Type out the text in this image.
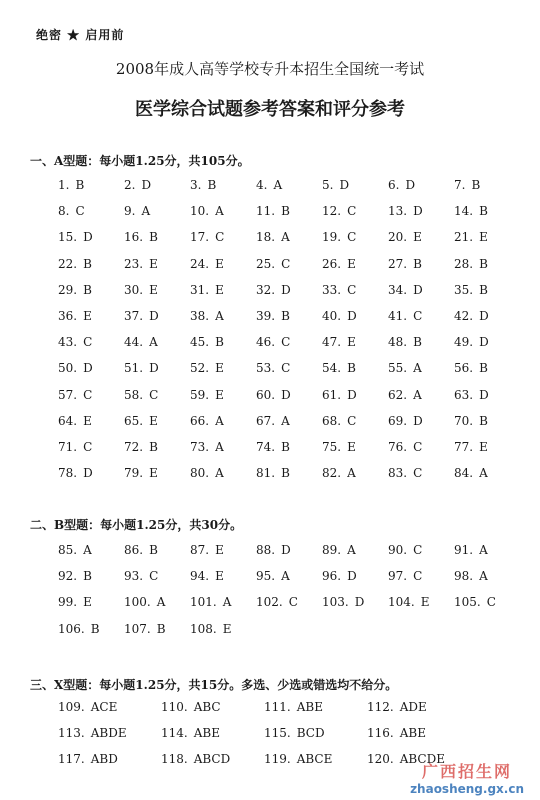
绝密 ★ 启用前
2008年成人高等学校专升本招生全国统一考试
医学综合试题参考答案和评分参考
一、A型题：每小题1.25分，共105分。
1. B	2. D	3. B	4. A	5. D	6. D	7. B
8. C	9. A	10. A	11. B	12. C	13. D	14. B
15. D	16. B	17. C	18. A	19. C	20. E	21. E
22. B	23. E	24. E	25. C	26. E	27. B	28. B
29. B	30. E	31. E	32. D	33. C	34. D	35. B
36. E	37. D	38. A	39. B	40. D	41. C	42. D
43. C	44. A	45. B	46. C	47. E	48. B	49. D
50. D	51. D	52. E	53. C	54. B	55. A	56. B
57. C	58. C	59. E	60. D	61. D	62. A	63. D
64. E	65. E	66. A	67. A	68. C	69. D	70. B
71. C	72. B	73. A	74. B	75. E	76. C	77. E
78. D	79. E	80. A	81. B	82. A	83. C	84. A
二、B型题：每小题1.25分，共30分。
85. A	86. B	87. E	88. D	89. A	90. C	91. A
92. B	93. C	94. E	95. A	96. D	97. C	98. A
99. E	100. A 101. A 102. C 103. D 104. E 105. C
106. B 107. B 108. E
三、X型题：每小题1.25分，共15分。多选、少选或错选均不给分。
109. ACE	110. ABC	111. ABE	112. ADE
113. ABDE	114. ABE	115. BCD	116. ABE
117. ABD	118. ABCD	119. ABCE	120. ABCDE
广西招生网
zhaosheng.gx.cn
